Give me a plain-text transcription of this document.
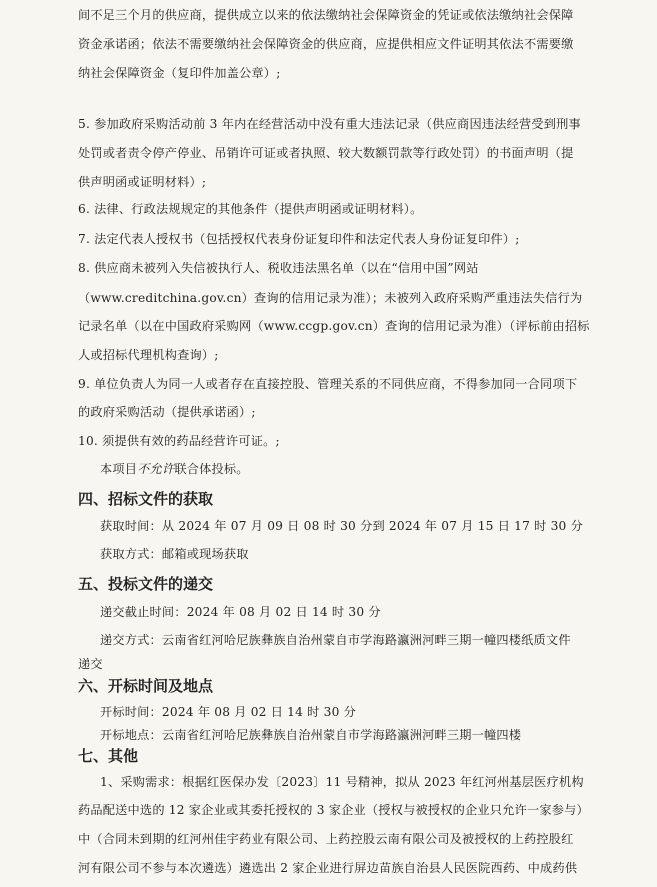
间不足三个月的供应商，提供成立以来的依法缴纳社会保障资金的凭证或依法缴纳社会保障
资金承诺函；依法不需要缴纳社会保障资金的供应商，应提供相应文件证明其依法不需要缴
纳社会保障资金（复印件加盖公章）;
5. 参加政府采购活动前 3 年内在经营活动中没有重大违法记录（供应商因违法经营受到刑事
处罚或者责令停产停业、吊销许可证或者执照、较大数额罚款等行政处罚）的书面声明（提
供声明函或证明材料）;
6. 法律、行政法规规定的其他条件（提供声明函或证明材料）。
7. 法定代表人授权书（包括授权代表身份证复印件和法定代表人身份证复印件）;
8. 供应商未被列入失信被执行人、税收违法黑名单（以在“信用中国”网站
（www.creditchina.gov.cn）查询的信用记录为准）；未被列入政府采购严重违法失信行为
记录名单（以在中国政府采购网（www.ccgp.gov.cn）查询的信用记录为准）（评标前由招标
人或招标代理机构查询）;
9. 单位负责人为同一人或者存在直接控股、管理关系的不同供应商，不得参加同一合同项下
的政府采购活动（提供承诺函）;
10. 须提供有效的药品经营许可证。;
本项目不允许联合体投标。
四、招标文件的获取
获取时间：从 2024 年 07 月 09 日 08 时 30 分到 2024 年 07 月 15 日 17 时 30 分
获取方式：邮箱或现场获取
五、投标文件的递交
递交截止时间：2024 年 08 月 02 日 14 时 30 分
递交方式：云南省红河哈尼族彝族自治州蒙自市学海路瀛洲河畔三期一幢四楼纸质文件
递交
六、开标时间及地点
开标时间：2024 年 08 月 02 日 14 时 30 分
开标地点：云南省红河哈尼族彝族自治州蒙自市学海路瀛洲河畔三期一幢四楼
七、其他
1、采购需求：根据红医保办发〔2023〕11 号精神，拟从 2023 年红河州基层医疗机构
药品配送中选的 12 家企业或其委托授权的 3 家企业（授权与被授权的企业只允许一家参与）
中（合同未到期的红河州佳宇药业有限公司、上药控股云南有限公司及被授权的上药控股红
河有限公司不参与本次遴选）遴选出 2 家企业进行屏边苗族自治县人民医院西药、中成药供
